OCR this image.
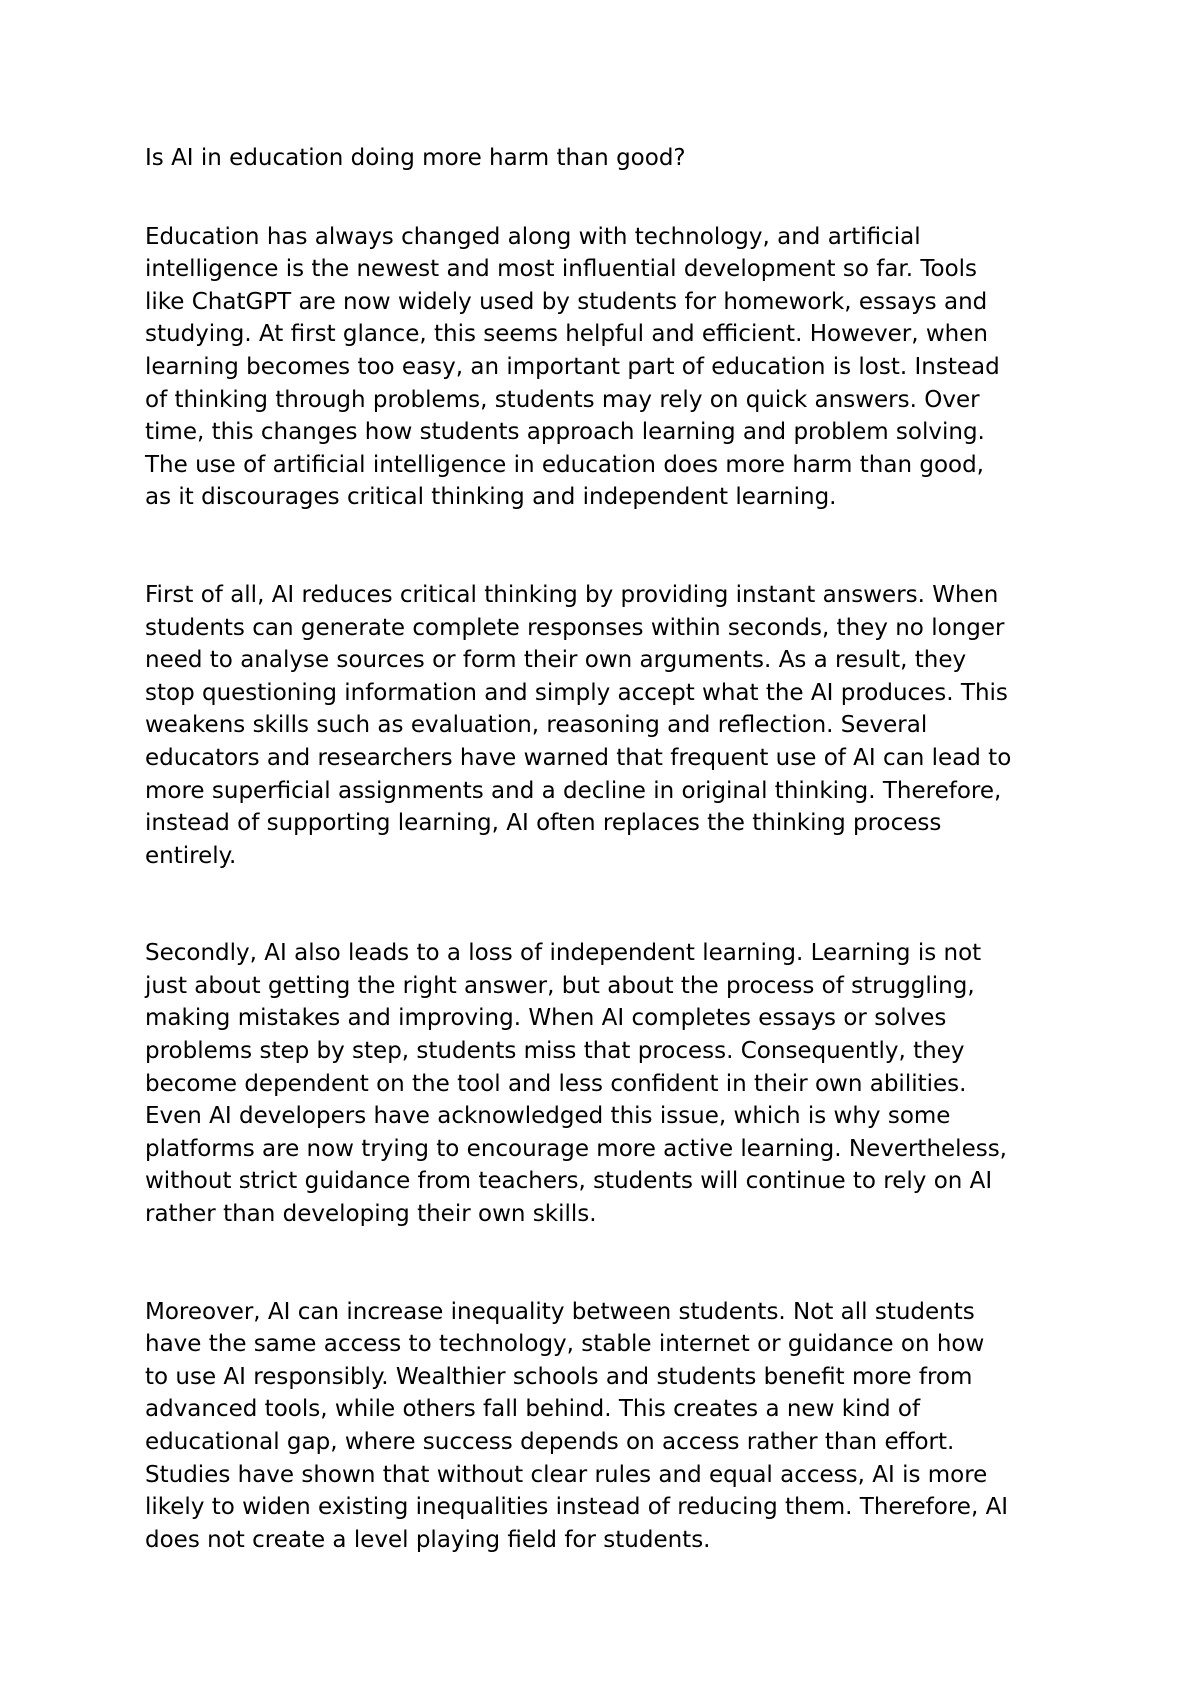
Is AI in education doing more harm than good?

Education has always changed along with technology, and artificial
intelligence is the newest and most influential development so far. Tools
like ChatGPT are now widely used by students for homework, essays and
studying. At first glance, this seems helpful and efficient. However, when
learning becomes too easy, an important part of education is lost. Instead
of thinking through problems, students may rely on quick answers. Over
time, this changes how students approach learning and problem solving.
The use of artificial intelligence in education does more harm than good,
as it discourages critical thinking and independent learning.

First of all, AI reduces critical thinking by providing instant answers. When
students can generate complete responses within seconds, they no longer
need to analyse sources or form their own arguments. As a result, they
stop questioning information and simply accept what the AI produces. This
weakens skills such as evaluation, reasoning and reflection. Several
educators and researchers have warned that frequent use of AI can lead to
more superficial assignments and a decline in original thinking. Therefore,
instead of supporting learning, AI often replaces the thinking process
entirely.

Secondly, AI also leads to a loss of independent learning. Learning is not
just about getting the right answer, but about the process of struggling,
making mistakes and improving. When AI completes essays or solves
problems step by step, students miss that process. Consequently, they
become dependent on the tool and less confident in their own abilities.
Even AI developers have acknowledged this issue, which is why some
platforms are now trying to encourage more active learning. Nevertheless,
without strict guidance from teachers, students will continue to rely on AI
rather than developing their own skills.

Moreover, AI can increase inequality between students. Not all students
have the same access to technology, stable internet or guidance on how
to use AI responsibly. Wealthier schools and students benefit more from
advanced tools, while others fall behind. This creates a new kind of
educational gap, where success depends on access rather than effort.
Studies have shown that without clear rules and equal access, AI is more
likely to widen existing inequalities instead of reducing them. Therefore, AI
does not create a level playing field for students.
